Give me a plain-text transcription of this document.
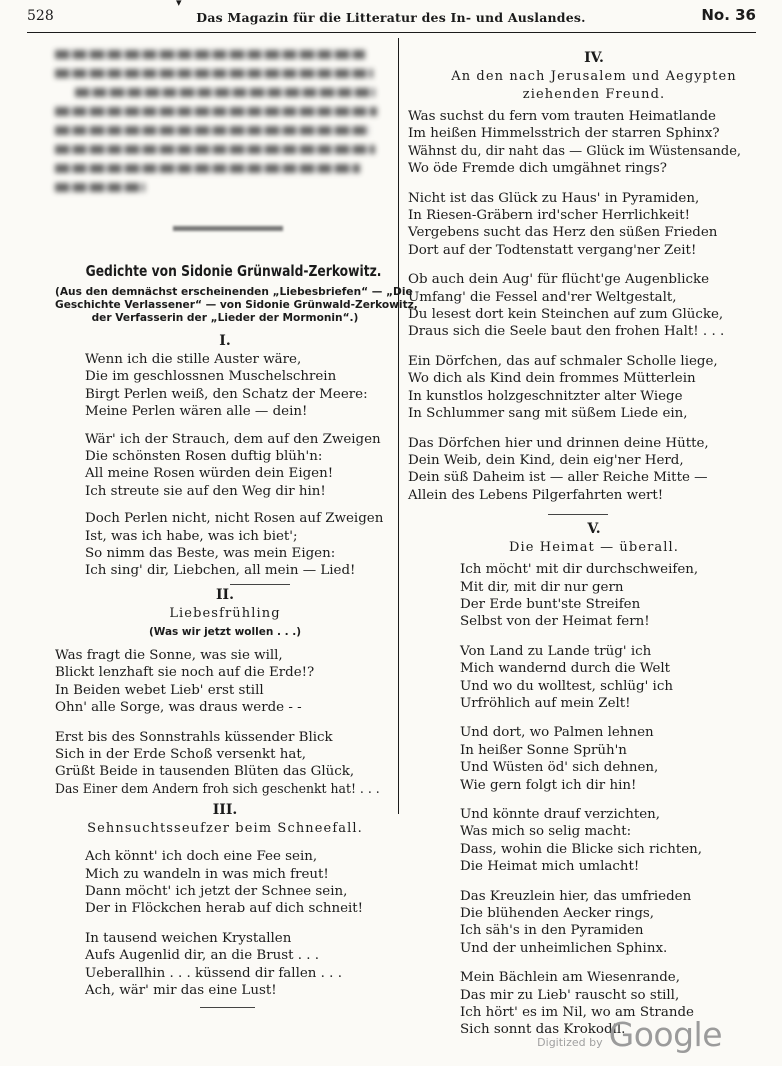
▾
528	Das Magazin für die Litteratur des In- und Auslandes.	No. 36
Gedichte von Sidonie Grünwald-Zerkowitz.
(Aus den demnächst erscheinenden „Liebesbriefen“ — „Die
Geschichte Verlassener“ — von Sidonie Grünwald-Zerkowitz,
der Verfasserin der „Lieder der Mormonin“.)
I.
Wenn ich die stille Auster wäre,
Die im geschlossnen Muschelschrein
Birgt Perlen weiß, den Schatz der Meere:
Meine Perlen wären alle — dein!
Wär' ich der Strauch, dem auf den Zweigen
Die schönsten Rosen duftig blüh'n:
All meine Rosen würden dein Eigen!
Ich streute sie auf den Weg dir hin!
Doch Perlen nicht, nicht Rosen auf Zweigen
Ist, was ich habe, was ich biet';
So nimm das Beste, was mein Eigen:
Ich sing' dir, Liebchen, all mein — Lied!
II.
Liebesfrühling
(Was wir jetzt wollen . . .)
Was fragt die Sonne, was sie will,
Blickt lenzhaft sie noch auf die Erde!?
In Beiden webet Lieb' erst still
Ohn' alle Sorge, was draus werde - -
Erst bis des Sonnstrahls küssender Blick
Sich in der Erde Schoß versenkt hat,
Grüßt Beide in tausenden Blüten das Glück,
Das Einer dem Andern froh sich geschenkt hat! . . .
III.
Sehnsuchtsseufzer beim Schneefall.
Ach könnt' ich doch eine Fee sein,
Mich zu wandeln in was mich freut!
Dann möcht' ich jetzt der Schnee sein,
Der in Flöckchen herab auf dich schneit!
In tausend weichen Krystallen
Aufs Augenlid dir, an die Brust . . .
Ueberallhin . . . küssend dir fallen . . .
Ach, wär' mir das eine Lust!
IV.
An den nach Jerusalem und Aegypten
ziehenden Freund.
Was suchst du fern vom trauten Heimatlande
Im heißen Himmelsstrich der starren Sphinx?
Wähnst du, dir naht das — Glück im Wüstensande,
Wo öde Fremde dich umgähnet rings?
Nicht ist das Glück zu Haus' in Pyramiden,
In Riesen-Gräbern ird'scher Herrlichkeit!
Vergebens sucht das Herz den süßen Frieden
Dort auf der Todtenstatt vergang'ner Zeit!
Ob auch dein Aug' für flücht'ge Augenblicke
Umfang' die Fessel and'rer Weltgestalt,
Du lesest dort kein Steinchen auf zum Glücke,
Draus sich die Seele baut den frohen Halt! . . .
Ein Dörfchen, das auf schmaler Scholle liege,
Wo dich als Kind dein frommes Mütterlein
In kunstlos holzgeschnitzter alter Wiege
In Schlummer sang mit süßem Liede ein,
Das Dörfchen hier und drinnen deine Hütte,
Dein Weib, dein Kind, dein eig'ner Herd,
Dein süß Daheim ist — aller Reiche Mitte —
Allein des Lebens Pilgerfahrten wert!
V.
Die Heimat — überall.
Ich möcht' mit dir durchschweifen,
Mit dir, mit dir nur gern
Der Erde bunt'ste Streifen
Selbst von der Heimat fern!
Von Land zu Lande trüg' ich
Mich wandernd durch die Welt
Und wo du wolltest, schlüg' ich
Urfröhlich auf mein Zelt!
Und dort, wo Palmen lehnen
In heißer Sonne Sprüh'n
Und Wüsten öd' sich dehnen,
Wie gern folgt ich dir hin!
Und könnte drauf verzichten,
Was mich so selig macht:
Dass, wohin die Blicke sich richten,
Die Heimat mich umlacht!
Das Kreuzlein hier, das umfrieden
Die blühenden Aecker rings,
Ich säh's in den Pyramiden
Und der unheimlichen Sphinx.
Mein Bächlein am Wiesenrande,
Das mir zu Lieb' rauscht so still,
Ich hört' es im Nil, wo am Strande
Sich sonnt das Krokodil.
Digitized by Google
